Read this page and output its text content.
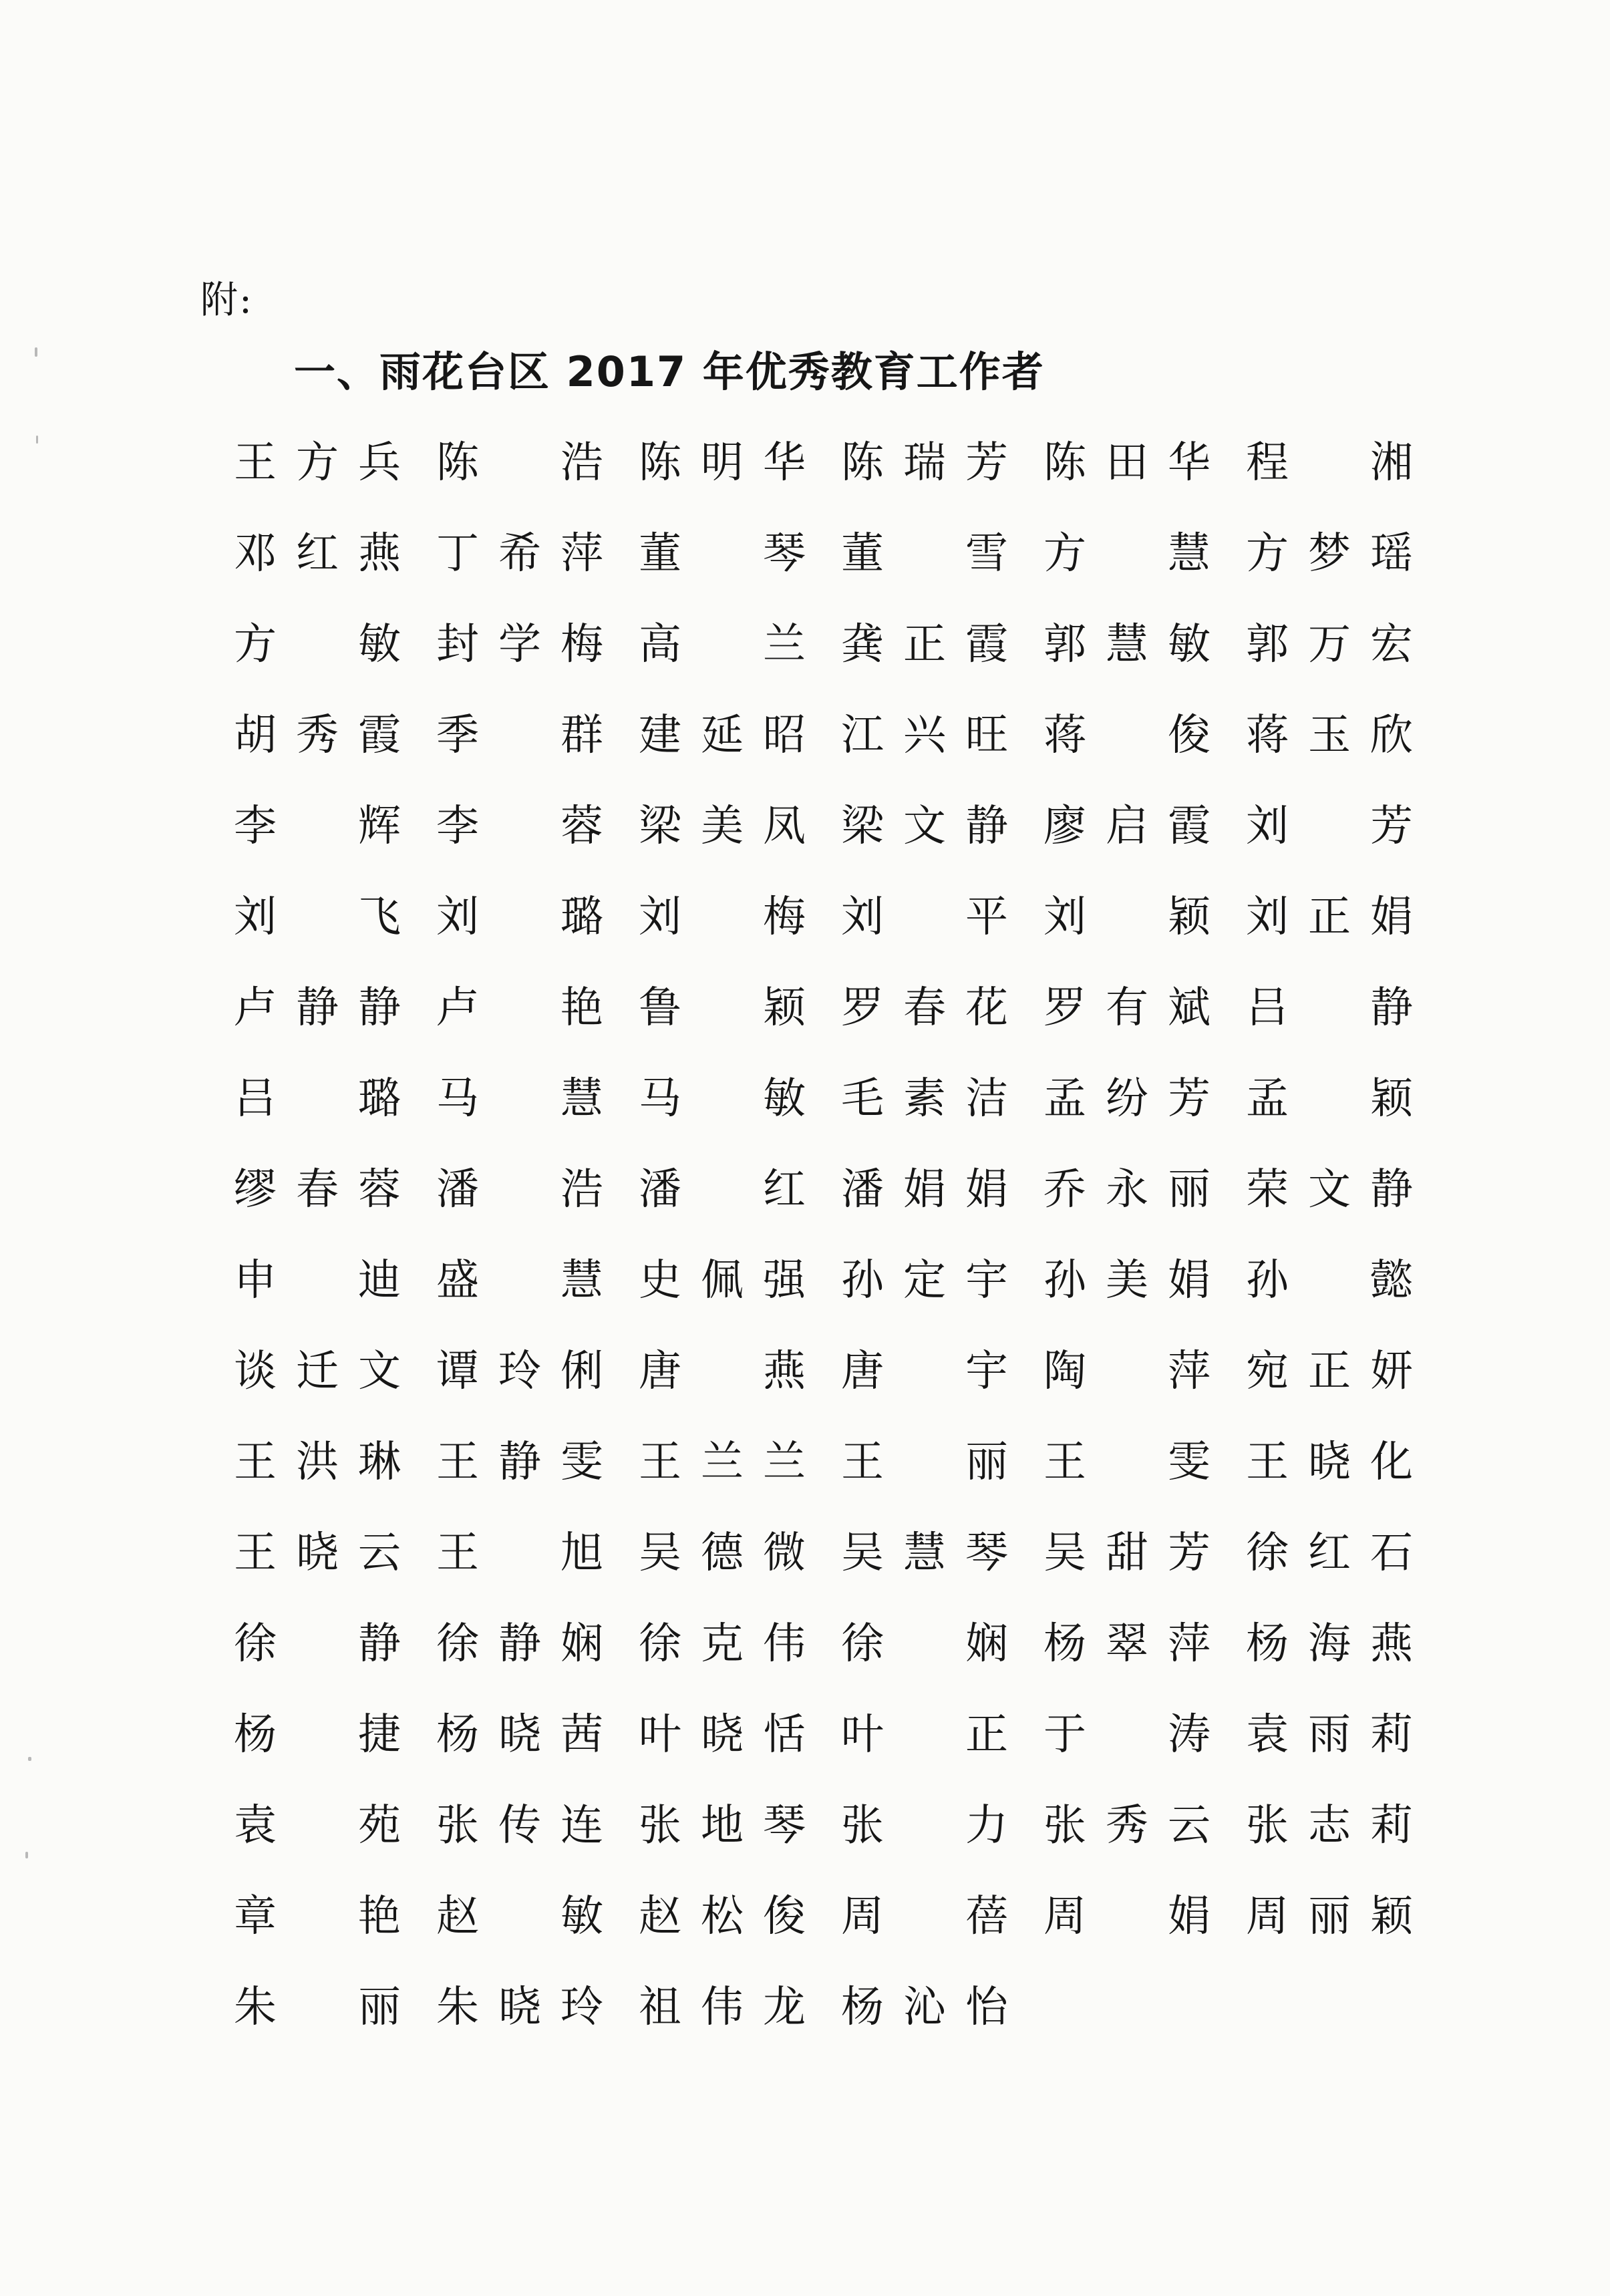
附:
一、雨花台区 2017 年优秀教育工作者
王 方 兵 陈 浩 陈 明 华 陈 瑞 芳 陈 田 华 程 湘
邓 红 燕 丁 希 萍 董 琴 董 雪 方 慧 方 梦 瑶
方 敏 封 学 梅 高 兰 龚 正 霞 郭 慧 敏 郭 万 宏
胡 秀 霞 季 群 建 延 昭 江 兴 旺 蒋 俊 蒋 玉 欣
李 辉 李 蓉 梁 美 凤 梁 文 静 廖 启 霞 刘 芳
刘 飞 刘 璐 刘 梅 刘 平 刘 颖 刘 正 娟
卢 静 静 卢 艳 鲁 颖 罗 春 花 罗 有 斌 吕 静
吕 璐 马 慧 马 敏 毛 素 洁 孟 纷 芳 孟 颖
缪 春 蓉 潘 浩 潘 红 潘 娟 娟 乔 永 丽 荣 文 静
申 迪 盛 慧 史 佩 强 孙 定 宇 孙 美 娟 孙 懿
谈 迁 文 谭 玲 俐 唐 燕 唐 宇 陶 萍 宛 正 妍
王 洪 琳 王 静 雯 王 兰 兰 王 丽 王 雯 王 晓 化
王 晓 云 王 旭 吴 德 微 吴 慧 琴 吴 甜 芳 徐 红 石
徐 静 徐 静 娴 徐 克 伟 徐 娴 杨 翠 萍 杨 海 燕
杨 捷 杨 晓 茜 叶 晓 恬 叶 正 于 涛 袁 雨 莉
袁 苑 张 传 连 张 地 琴 张 力 张 秀 云 张 志 莉
章 艳 赵 敏 赵 松 俊 周 蓓 周 娟 周 丽 颖
朱 丽 朱 晓 玲 祖 伟 龙 杨 沁 怡
